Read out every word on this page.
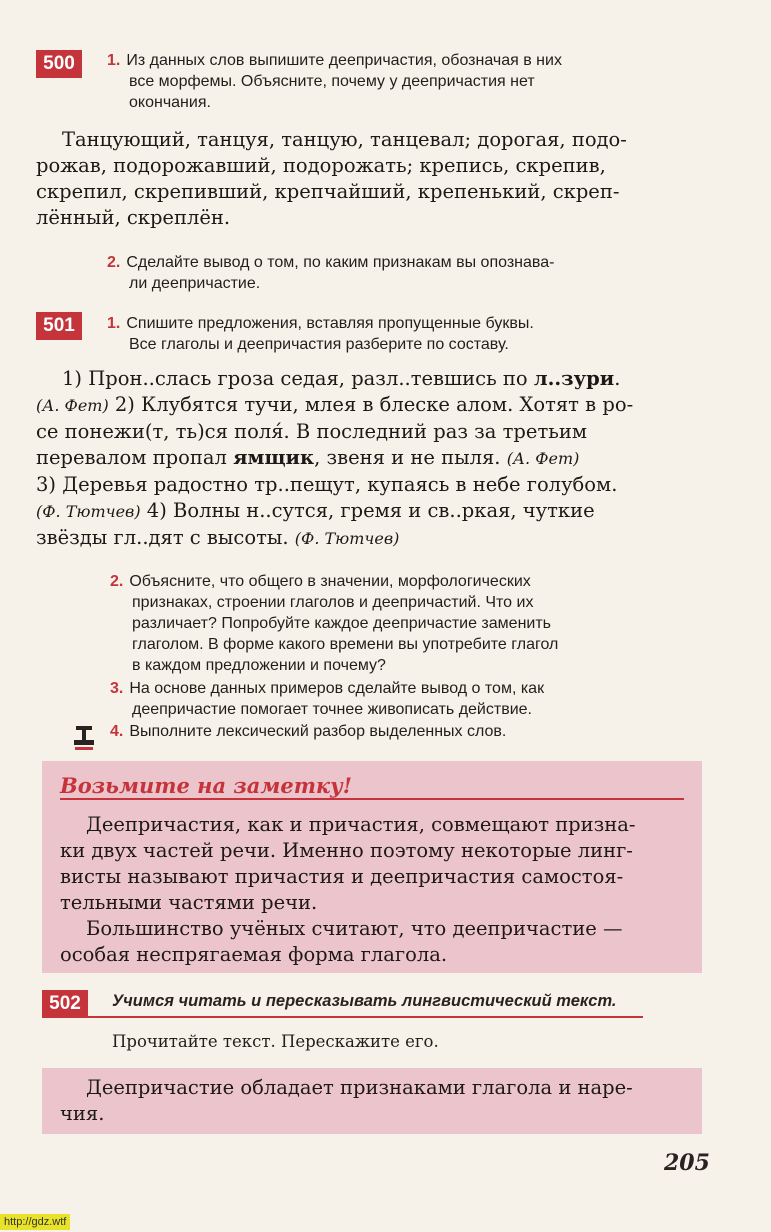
500	1. Из данных слов выпишите деепричастия, обозначая в них

все морфемы. Объясните, почему у деепричастия нет

окончания.

Танцующий, танцуя, танцую, танцевал; дорогая, подо-

рожав, подорожавший, подорожать; крепись, скрепив,

скрепил, скрепивший, крепчайший, крепенький, скреп-

лённый, скреплён.

2. Сделайте вывод о том, по каким признакам вы опознава-

ли деепричастие.

501	1. Спишите предложения, вставляя пропущенные буквы.

Все глаголы и деепричастия разберите по составу.

1) Прон..слась гроза седая, разл..тевшись по л..зури.

(А. Фет) 2) Клубятся тучи, млея в блеске алом. Хотят в ро-

се понежи(т, ть)ся поля́. В последний раз за третьим

перевалом пропал ямщик, звеня и не пыля. (А. Фет)

3) Деревья радостно тр..пещут, купаясь в небе голубом.

(Ф. Тютчев) 4) Волны н..сутся, гремя и св..ркая, чуткие

звёзды гл..дят с высоты. (Ф. Тютчев)

2. Объясните, что общего в значении, морфологических

признаках, строении глаголов и деепричастий. Что их

различает? Попробуйте каждое деепричастие заменить

глаголом. В форме какого времени вы употребите глагол

в каждом предложении и почему?

3. На основе данных примеров сделайте вывод о том, как

деепричастие помогает точнее живописать действие.

4. Выполните лексический разбор выделенных слов.

Возьмите на заметку!

Деепричастия, как и причастия, совмещают призна-

ки двух частей речи. Именно поэтому некоторые линг-

висты называют причастия и деепричастия самостоя-

тельными частями речи.

Большинство учёных считают, что деепричастие —

особая неспрягаемая форма глагола.

502	Учимся читать и пересказывать лингвистический текст.
Прочитайте текст. Перескажите его.

Деепричастие обладает признаками глагола и наре-

чия.

205
http://gdz.wtf
